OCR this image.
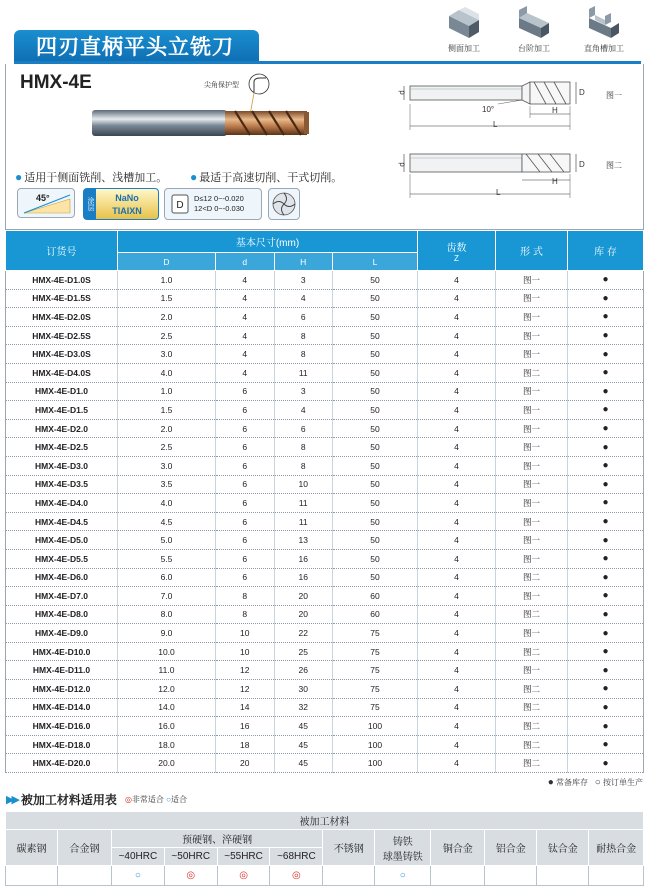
四刃直柄平头立铣刀	侧面加工	台阶加工	直角槽加工
HMX-4E	尖角保护型
d	D
10°	H
L
图一
d	D
H
L
图二
● 适用于侧面铣削、浅槽加工。 ● 最适于高速切削、干式切削。
45°	涂层	NaNo
TIAIXN	D
D≤12 0~-0.020
12<D 0~-0.030
订货号	基本尺寸(mm)				齿数
Z	形 式	库 存
	D	d	H	L			
HMX-4E-D1.0S	1.0	4	3	50	4	图一	●
HMX-4E-D1.5S	1.5	4	4	50	4	图一	●
HMX-4E-D2.0S	2.0	4	6	50	4	图一	●
HMX-4E-D2.5S	2.5	4	8	50	4	图一	●
HMX-4E-D3.0S	3.0	4	8	50	4	图一	●
HMX-4E-D4.0S	4.0	4	11	50	4	图二	●
HMX-4E-D1.0	1.0	6	3	50	4	图一	●
HMX-4E-D1.5	1.5	6	4	50	4	图一	●
HMX-4E-D2.0	2.0	6	6	50	4	图一	●
HMX-4E-D2.5	2.5	6	8	50	4	图一	●
HMX-4E-D3.0	3.0	6	8	50	4	图一	●
HMX-4E-D3.5	3.5	6	10	50	4	图一	●
HMX-4E-D4.0	4.0	6	11	50	4	图一	●
HMX-4E-D4.5	4.5	6	11	50	4	图一	●
HMX-4E-D5.0	5.0	6	13	50	4	图一	●
HMX-4E-D5.5	5.5	6	16	50	4	图一	●
HMX-4E-D6.0	6.0	6	16	50	4	图二	●
HMX-4E-D7.0	7.0	8	20	60	4	图一	●
HMX-4E-D8.0	8.0	8	20	60	4	图二	●
HMX-4E-D9.0	9.0	10	22	75	4	图一	●
HMX-4E-D10.0	10.0	10	25	75	4	图二	●
HMX-4E-D11.0	11.0	12	26	75	4	图一	●
HMX-4E-D12.0	12.0	12	30	75	4	图二	●
HMX-4E-D14.0	14.0	14	32	75	4	图二	●
HMX-4E-D16.0	16.0	16	45	100	4	图二	●
HMX-4E-D18.0	18.0	18	45	100	4	图二	●
HMX-4E-D20.0	20.0	20	45	100	4	图二	●
● 常备库存 ○ 按订单生产
▶▶ 被加工材料适用表 ◎非常适合 ○适合
被加工材料											
碳素钢	合金钢	预硬钢、淬硬钢				不锈钢	铸铁
球墨铸铁	铜合金	铝合金	钛合金	耐热合金
		~40HRC	~50HRC	~55HRC	~68HRC						
		○	◎	◎	◎		○				
